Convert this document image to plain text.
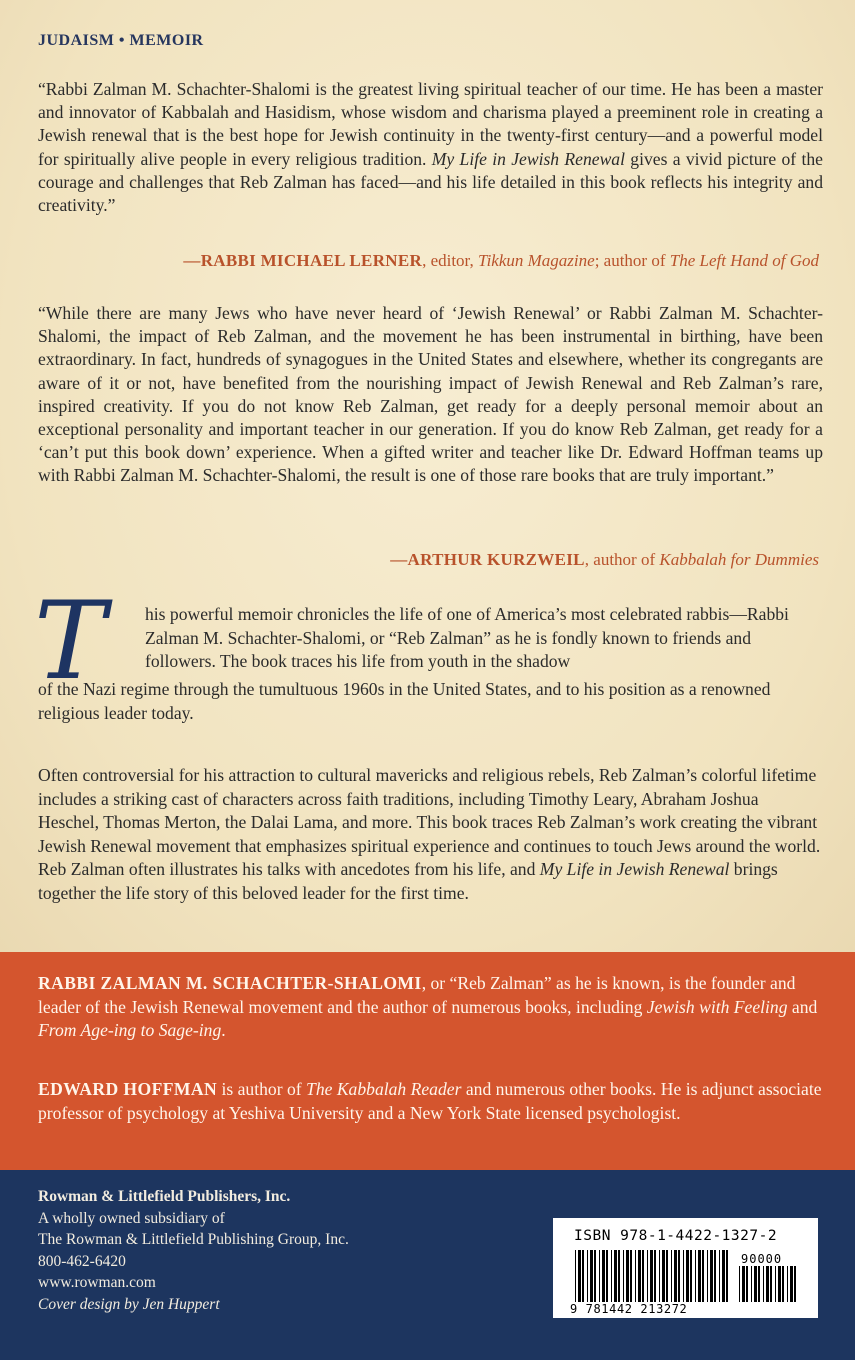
JUDAISM • MEMOIR
“Rabbi Zalman M. Schachter-Shalomi is the greatest living spiritual teacher of our time. He has been a master and innovator of Kabbalah and Hasidism, whose wisdom and charisma played a preeminent role in creating a Jewish renewal that is the best hope for Jewish continuity in the twenty-first century—and a powerful model for spiritually alive people in every religious tradition. My Life in Jewish Renewal gives a vivid picture of the courage and challenges that Reb Zalman has faced—and his life detailed in this book reflects his integrity and creativity.”
—RABBI MICHAEL LERNER, editor, Tikkun Magazine; author of The Left Hand of God
“While there are many Jews who have never heard of ‘Jewish Renewal’ or Rabbi Zalman M. Schachter-Shalomi, the impact of Reb Zalman, and the movement he has been instrumental in birthing, have been extraordinary. In fact, hundreds of synagogues in the United States and elsewhere, whether its congregants are aware of it or not, have benefited from the nourishing impact of Jewish Renewal and Reb Zalman’s rare, inspired creativity. If you do not know Reb Zalman, get ready for a deeply personal memoir about an exceptional personality and important teacher in our generation. If you do know Reb Zalman, get ready for a ‘can’t put this book down’ experience. When a gifted writer and teacher like Dr. Edward Hoffman teams up with Rabbi Zalman M. Schachter-Shalomi, the result is one of those rare books that are truly important.”
—ARTHUR KURZWEIL, author of Kabbalah for Dummies
T his powerful memoir chronicles the life of one of America’s most celebrated rabbis—Rabbi Zalman M. Schachter-Shalomi, or “Reb Zalman” as he is fondly known to friends and followers. The book traces his life from youth in the shadow
of the Nazi regime through the tumultuous 1960s in the United States, and to his position as a renowned religious leader today.
Often controversial for his attraction to cultural mavericks and religious rebels, Reb Zalman’s colorful lifetime includes a striking cast of characters across faith traditions, including Timothy Leary, Abraham Joshua Heschel, Thomas Merton, the Dalai Lama, and more. This book traces Reb Zalman’s work creating the vibrant Jewish Renewal movement that emphasizes spiritual experience and continues to touch Jews around the world. Reb Zalman often illustrates his talks with ancedotes from his life, and My Life in Jewish Renewal brings together the life story of this beloved leader for the first time.
RABBI ZALMAN M. SCHACHTER-SHALOMI, or “Reb Zalman” as he is known, is the founder and leader of the Jewish Renewal movement and the author of numerous books, including Jewish with Feeling and From Age-ing to Sage-ing.
EDWARD HOFFMAN is author of The Kabbalah Reader and numerous other books. He is adjunct associate professor of psychology at Yeshiva University and a New York State licensed psychologist.
Rowman & Littlefield Publishers, Inc.
A wholly owned subsidiary of
The Rowman & Littlefield Publishing Group, Inc.
800-462-6420
www.rowman.com
Cover design by Jen Huppert
ISBN 978-1-4422-1327-2
9 781442 213272
90000
